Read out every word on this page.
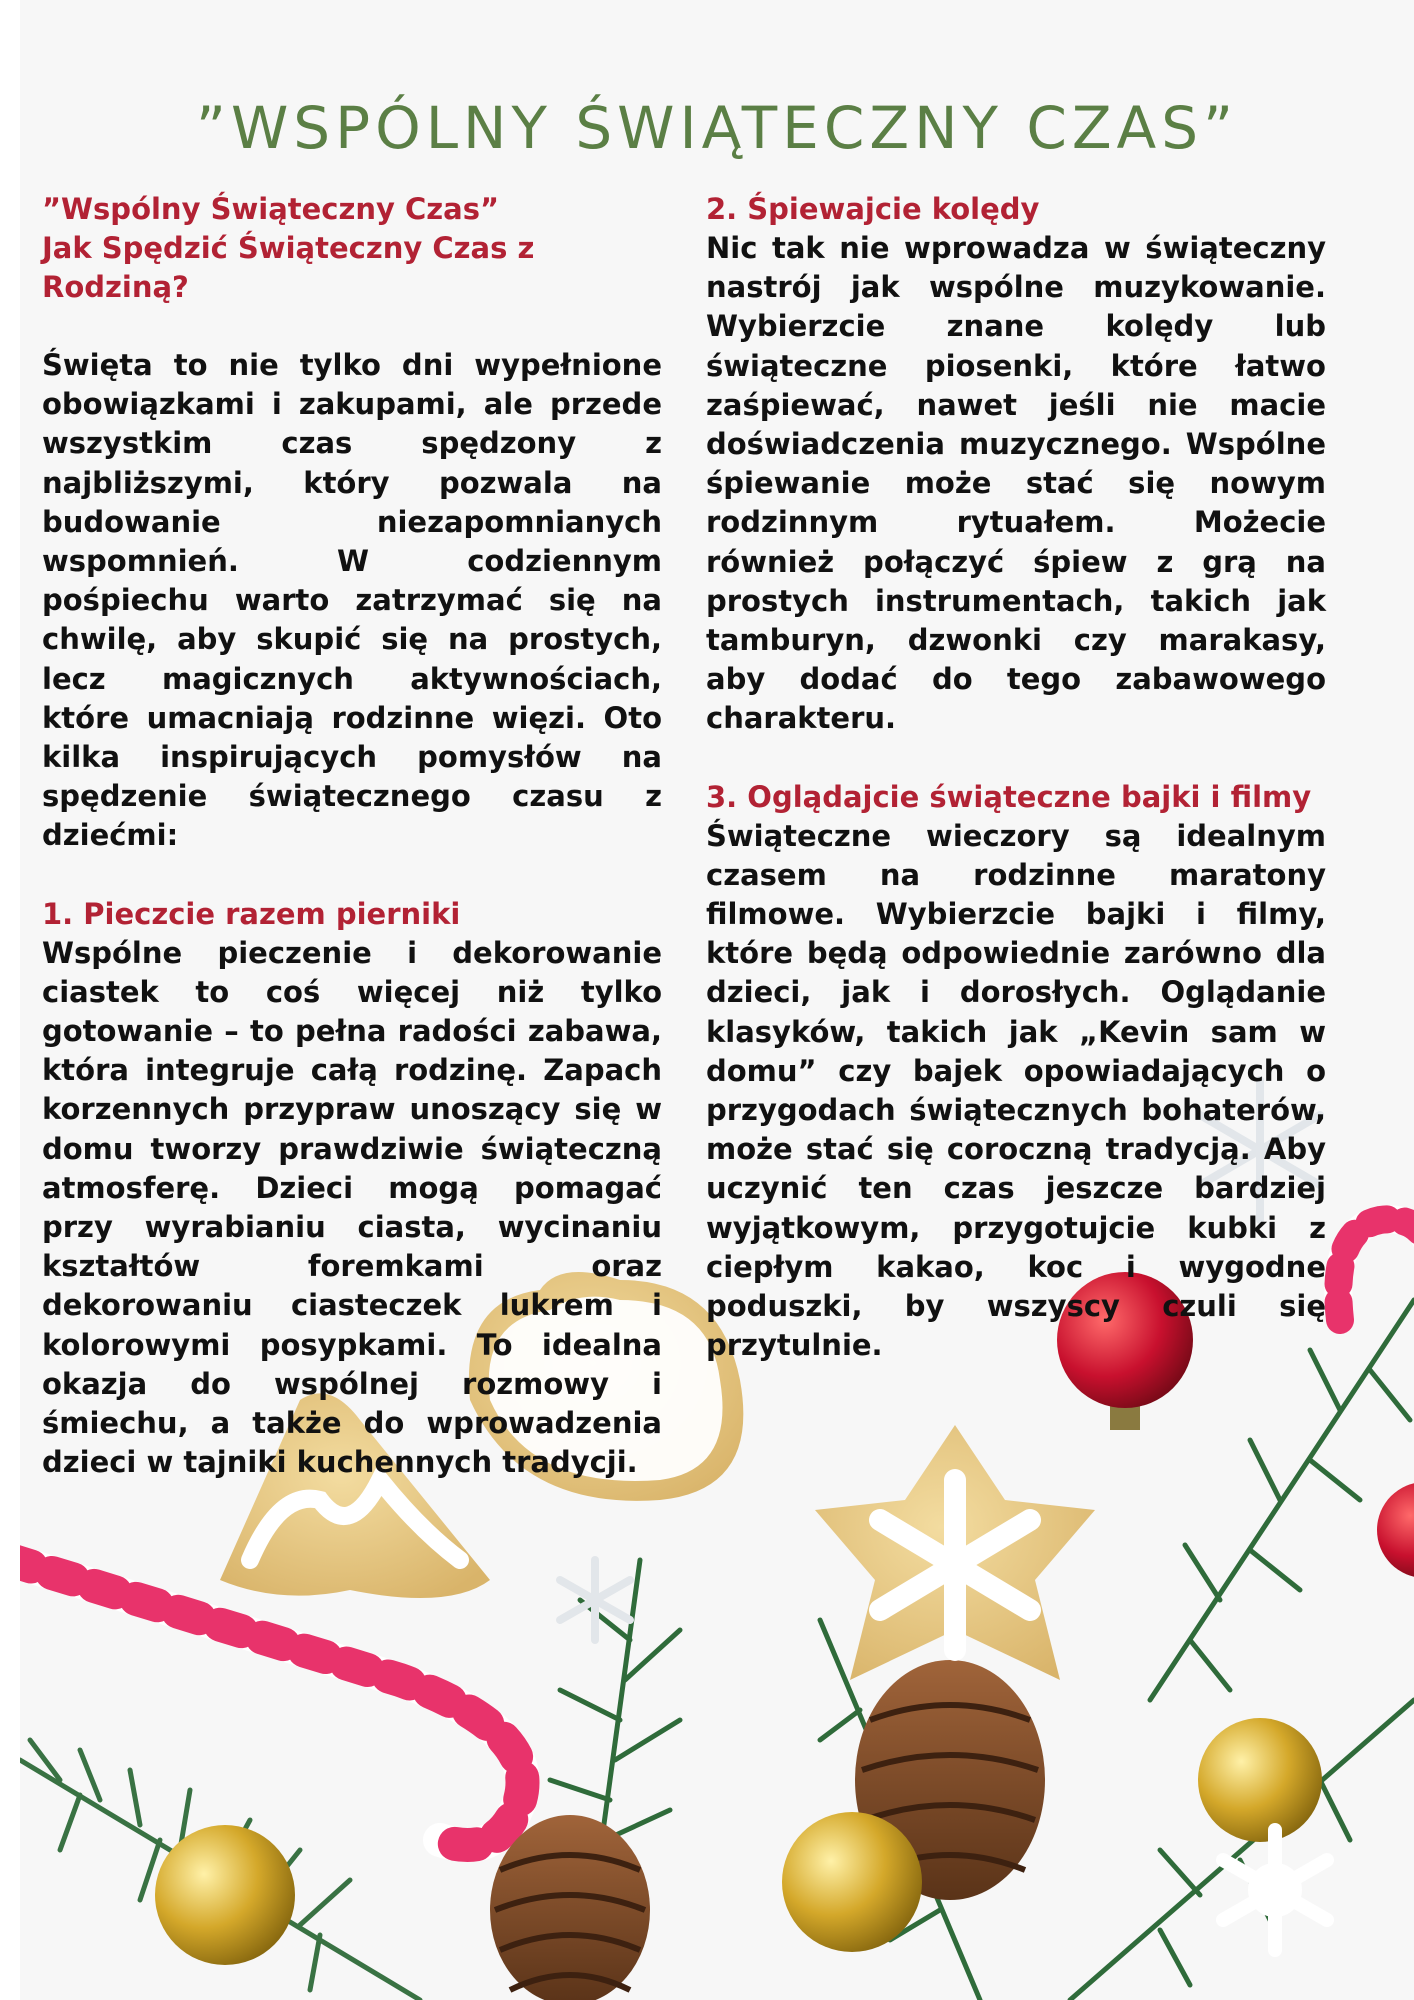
”WSPÓLNY ŚWIĄTECZNY CZAS”

”Wspólny Świąteczny Czas”

Jak Spędzić Świąteczny Czas z Rodziną?

Święta to nie tylko dni wypełnione obowiązkami i zakupami, ale przede wszystkim czas spędzony z najbliższymi, który pozwala na budowanie niezapomnianych wspomnień. W codziennym pośpiechu warto zatrzymać się na chwilę, aby skupić się na prostych, lecz magicznych aktywnościach, które umacniają rodzinne więzi. Oto kilka inspirujących pomysłów na spędzenie świątecznego czasu z dziećmi:

1. Pieczcie razem pierniki

Wspólne pieczenie i dekorowanie ciastek to coś więcej niż tylko gotowanie – to pełna radości zabawa, która integruje całą rodzinę. Zapach korzennych przypraw unoszący się w domu tworzy prawdziwie świąteczną atmosferę. Dzieci mogą pomagać przy wyrabianiu ciasta, wycinaniu kształtów foremkami oraz dekorowaniu ciasteczek lukrem i kolorowymi posypkami. To idealna okazja do wspólnej rozmowy i śmiechu, a także do wprowadzenia dzieci w tajniki kuchennych tradycji.

2. Śpiewajcie kolędy

Nic tak nie wprowadza w świąteczny nastrój jak wspólne muzykowanie. Wybierzcie znane kolędy lub świąteczne piosenki, które łatwo zaśpiewać, nawet jeśli nie macie doświadczenia muzycznego. Wspólne śpiewanie może stać się nowym rodzinnym rytuałem. Możecie również połączyć śpiew z grą na prostych instrumentach, takich jak tamburyn, dzwonki czy marakasy, aby dodać do tego zabawowego charakteru.

3. Oglądajcie świąteczne bajki i filmy

Świąteczne wieczory są idealnym czasem na rodzinne maratony filmowe. Wybierzcie bajki i filmy, które będą odpowiednie zarówno dla dzieci, jak i dorosłych. Oglądanie klasyków, takich jak „Kevin sam w domu” czy bajek opowiadających o przygodach świątecznych bohaterów, może stać się coroczną tradycją. Aby uczynić ten czas jeszcze bardziej wyjątkowym, przygotujcie kubki z ciepłym kakao, koc i wygodne poduszki, by wszyscy czuli się przytulnie.
